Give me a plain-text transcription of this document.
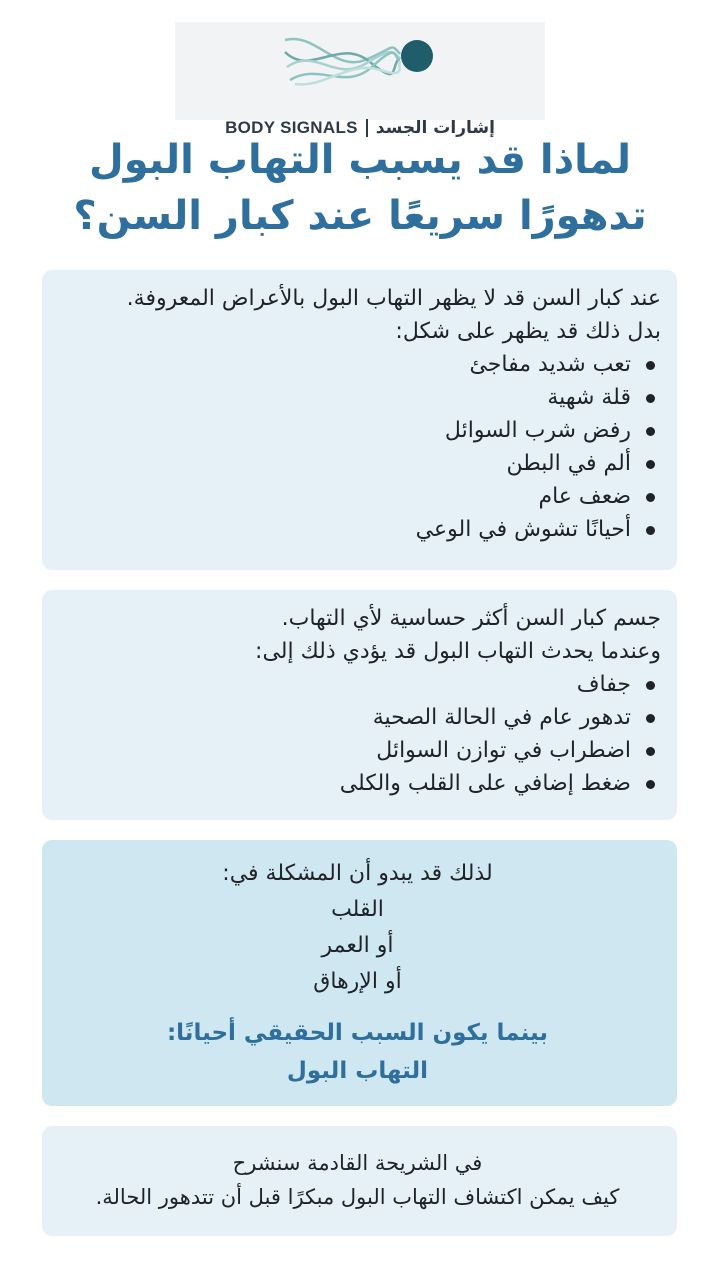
BODY SIGNALS إشارات الجسد
لماذا قد يسبب التهاب البول
تدهورًا سريعًا عند كبار السن؟
عند كبار السن قد لا يظهر التهاب البول بالأعراض المعروفة.
بدل ذلك قد يظهر على شكل:
تعب شديد مفاجئ
قلة شهية
رفض شرب السوائل
ألم في البطن
ضعف عام
أحيانًا تشوش في الوعي
جسم كبار السن أكثر حساسية لأي التهاب.
وعندما يحدث التهاب البول قد يؤدي ذلك إلى:
جفاف
تدهور عام في الحالة الصحية
اضطراب في توازن السوائل
ضغط إضافي على القلب والكلى
لذلك قد يبدو أن المشكلة في:
القلب
أو العمر
أو الإرهاق
بينما يكون السبب الحقيقي أحيانًا:
التهاب البول
في الشريحة القادمة سنشرح
كيف يمكن اكتشاف التهاب البول مبكرًا قبل أن تتدهور الحالة.
